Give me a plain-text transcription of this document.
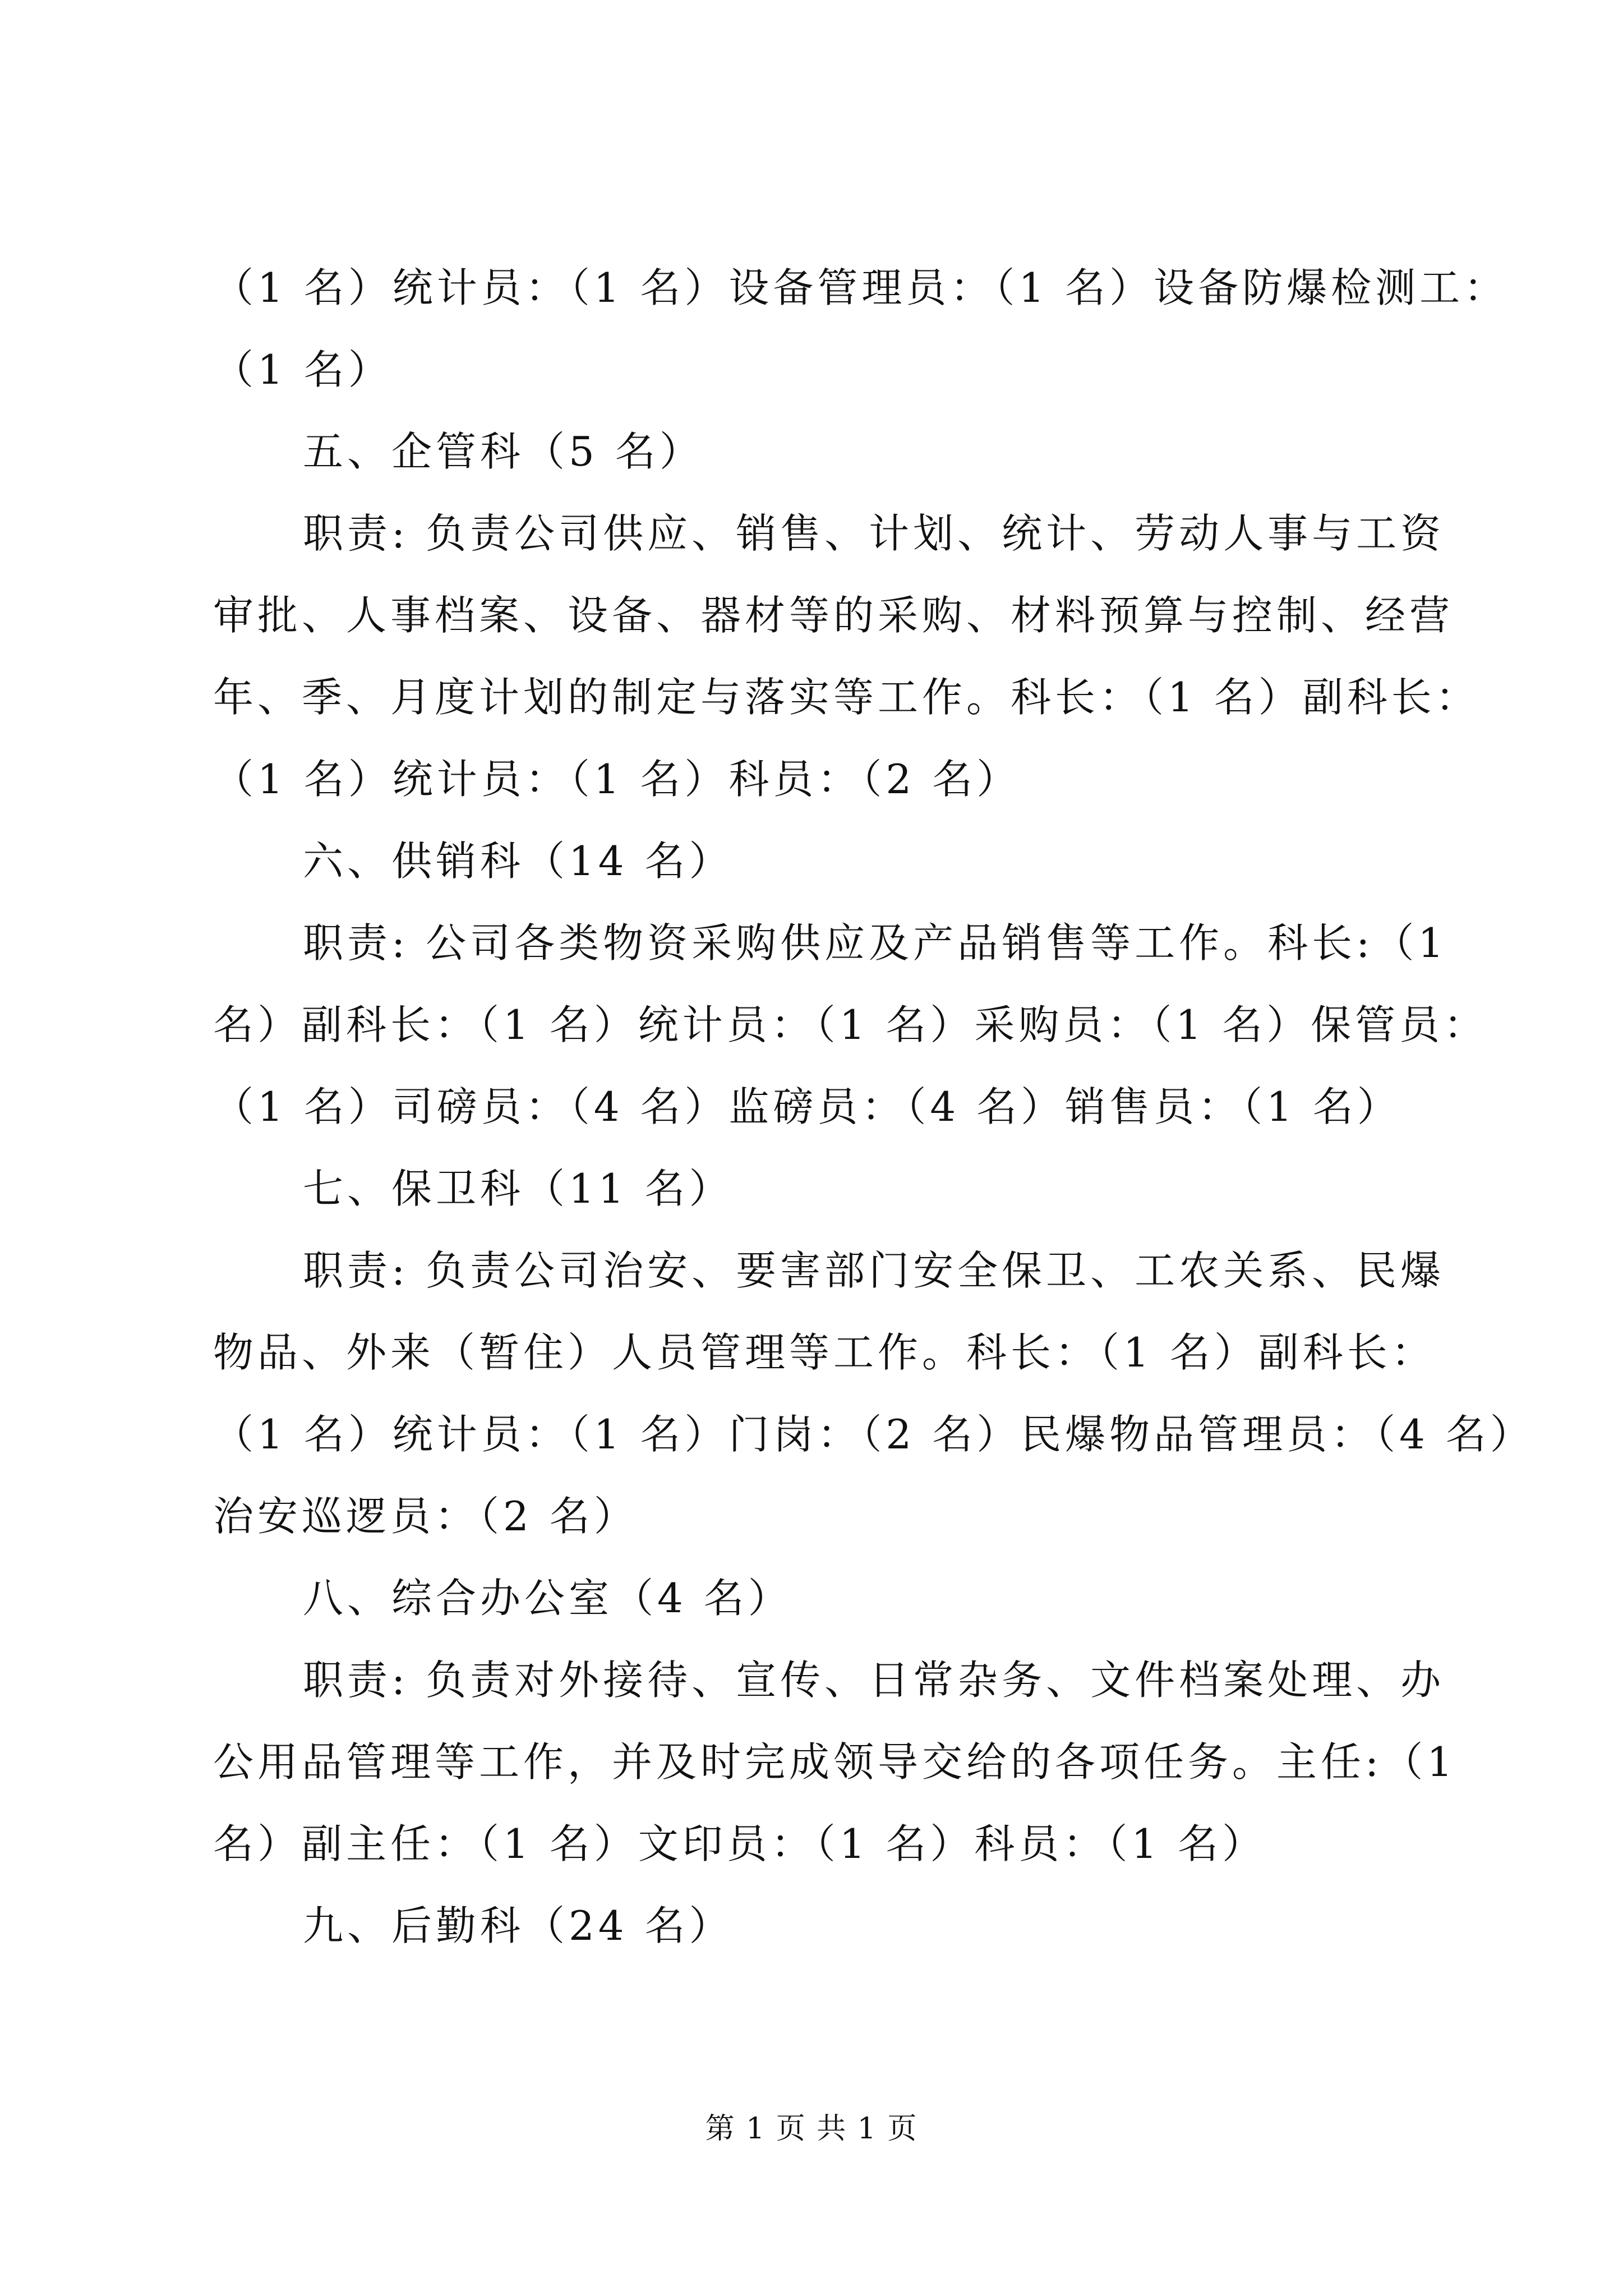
（1 名）统计员：（1 名）设备管理员：（1 名）设备防爆检测工：
（1 名）
五、企管科（5 名）
职责: 负责公司供应、销售、计划、统计、劳动人事与工资
审批、人事档案、设备、器材等的采购、材料预算与控制、经营
年、季、月度计划的制定与落实等工作。科长：（1 名）副科长：
（1 名）统计员：（1 名）科员：（2 名）
六、供销科（14 名）
职责: 公司各类物资采购供应及产品销售等工作。科长:（1
名）副科长：（1 名）统计员：（1 名）采购员：（1 名）保管员：
（1 名）司磅员：（4 名）监磅员：（4 名）销售员：（1 名）
七、保卫科（11 名）
职责: 负责公司治安、要害部门安全保卫、工农关系、民爆
物品、外来（暂住）人员管理等工作。科长：（1 名）副科长：
（1 名）统计员：（1 名）门岗：（2 名）民爆物品管理员：（4 名）
治安巡逻员：（2 名）
八、综合办公室（4 名）
职责: 负责对外接待、宣传、日常杂务、文件档案处理、办
公用品管理等工作，并及时完成领导交给的各项任务。主任:（1
名）副主任：（1 名）文印员：（1 名）科员：（1 名）
九、后勤科（24 名）
第 1 页 共 1 页
